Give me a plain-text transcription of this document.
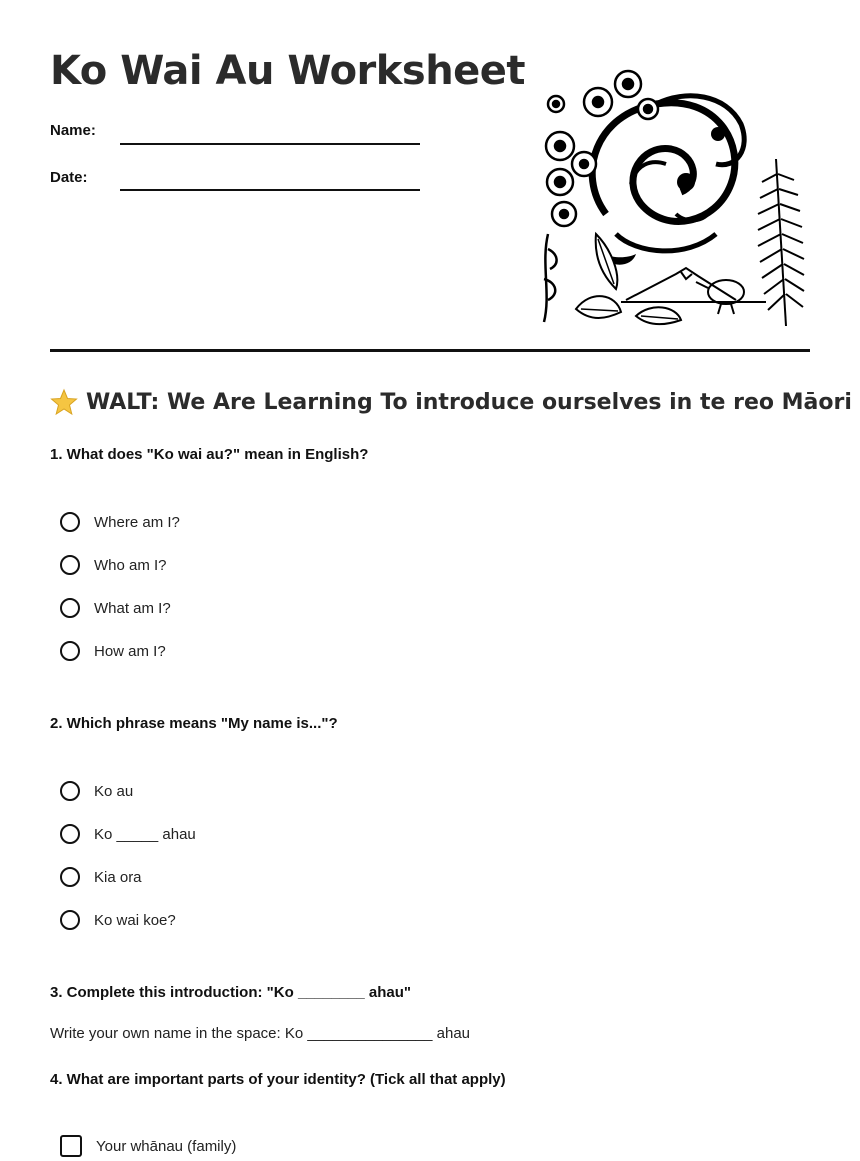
Ko Wai Au Worksheet
Name:
Date:
WALT: We Are Learning To introduce ourselves in te reo Māori
1. What does "Ko wai au?" mean in English?
Where am I?
Who am I?
What am I?
How am I?
2. Which phrase means "My name is..."?
Ko au
Ko _____ ahau
Kia ora
Ko wai koe?
3. Complete this introduction: "Ko ________ ahau"
Write your own name in the space: Ko _______________ ahau
4. What are important parts of your identity? (Tick all that apply)
Your whānau (family)
